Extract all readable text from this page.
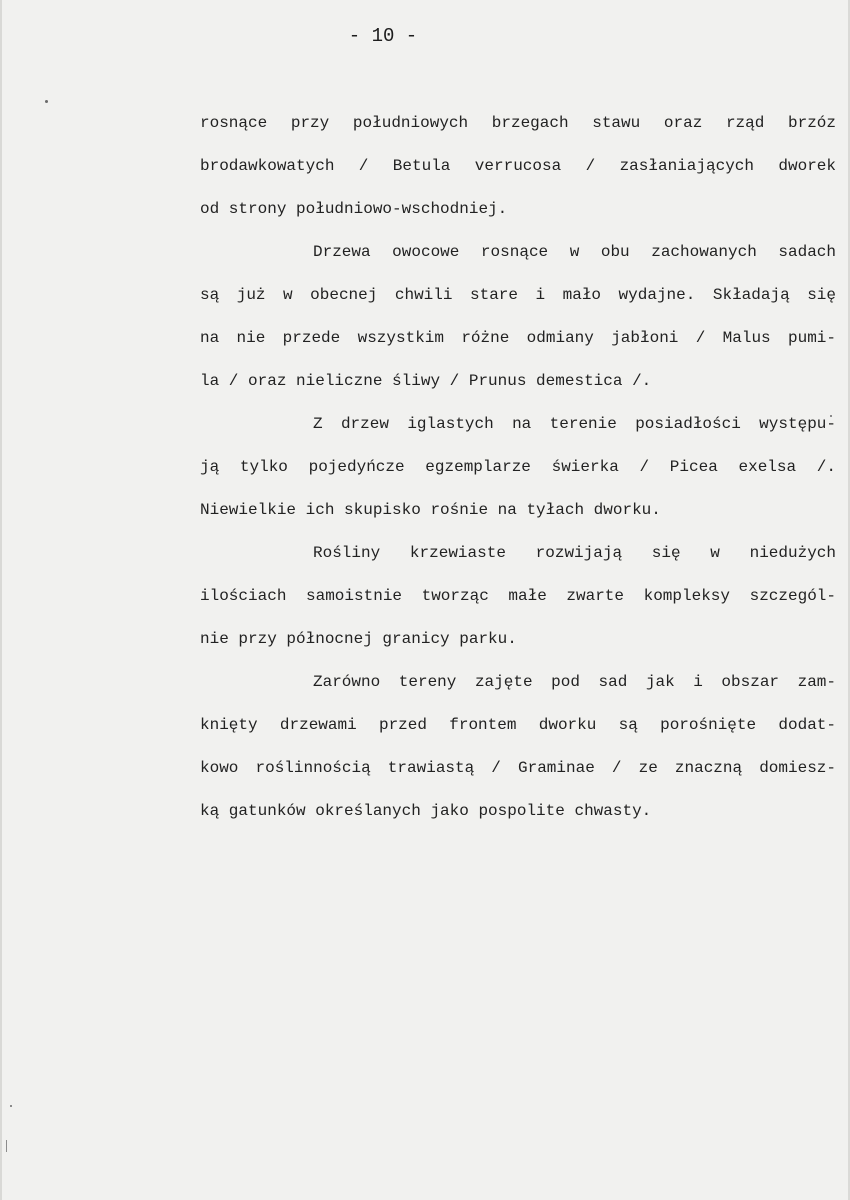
- 10 -
rosnące przy południowych brzegach stawu oraz rząd brzóz
brodawkowatych / Betula verrucosa / zasłaniających dworek
od strony południowo-wschodniej.
Drzewa owocowe rosnące w obu zachowanych sadach
są już w obecnej chwili stare i mało wydajne. Składają się
na nie przede wszystkim różne odmiany jabłoni / Malus pumi-
la / oraz nieliczne śliwy / Prunus demestica /.
Z drzew iglastych na terenie posiadłości występu-
ją tylko pojedyńcze egzemplarze świerka / Picea exelsa /.
Niewielkie ich skupisko rośnie na tyłach dworku.
Rośliny krzewiaste rozwijają się w niedużych
ilościach samoistnie tworząc małe zwarte kompleksy szczegól-
nie przy północnej granicy parku.
Zarówno tereny zajęte pod sad jak i obszar zam-
knięty drzewami przed frontem dworku są porośnięte dodat-
kowo roślinnością trawiastą / Graminae / ze znaczną domiesz-
ką gatunków określanych jako pospolite chwasty.
